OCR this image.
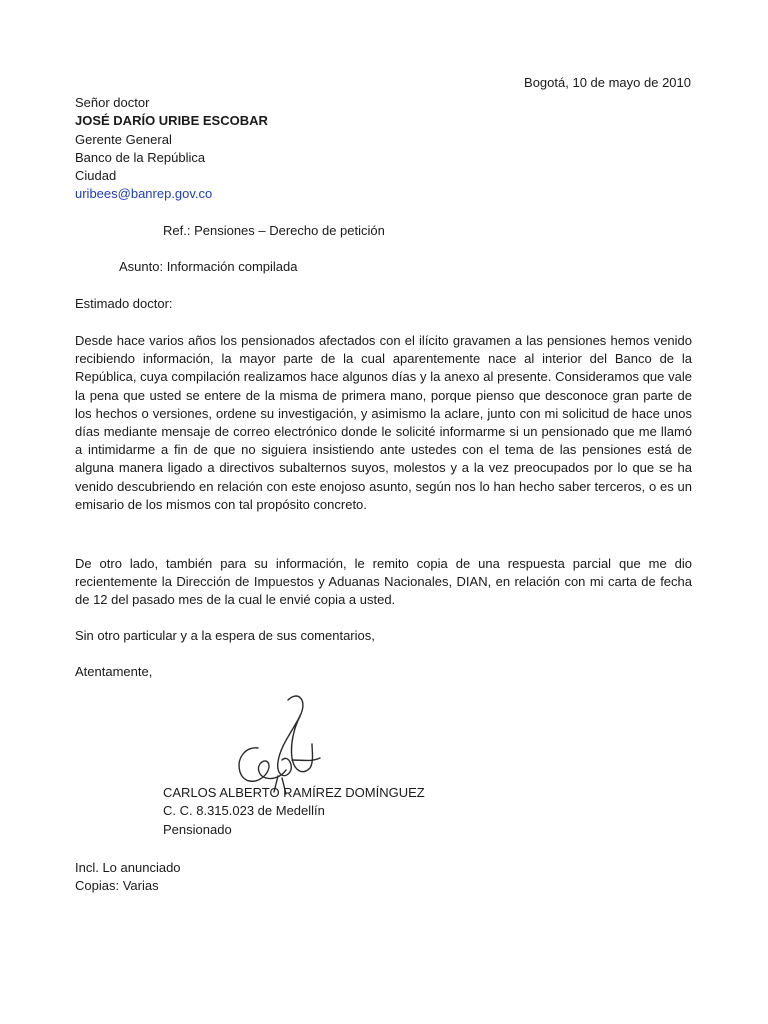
Bogotá, 10 de mayo de 2010
Señor doctor
JOSÉ DARÍO URIBE ESCOBAR
Gerente General
Banco de la República
Ciudad
uribees@banrep.gov.co
Ref.: Pensiones – Derecho de petición
Asunto: Información compilada
Estimado doctor:
Desde hace varios años los pensionados afectados con el ilícito gravamen a las pensiones hemos venido recibiendo información, la mayor parte de la cual aparentemente nace al interior del Banco de la República, cuya compilación realizamos hace algunos días y la anexo al presente. Consideramos que vale la pena que usted se entere de la misma de primera mano, porque pienso que desconoce gran parte de los hechos o versiones, ordene su investigación, y asimismo la aclare, junto con mi solicitud de hace unos días mediante mensaje de correo electrónico donde le solicité informarme si un pensionado que me llamó a intimidarme a fin de que no siguiera insistiendo ante ustedes con el tema de las pensiones está de alguna manera ligado a directivos subalternos suyos, molestos y a la vez preocupados por lo que se ha venido descubriendo en relación con este enojoso asunto, según nos lo han hecho saber terceros, o es un emisario de los mismos con tal propósito concreto.
De otro lado, también para su información, le remito copia de una respuesta parcial que me dio recientemente la Dirección de Impuestos y Aduanas Nacionales, DIAN, en relación con mi carta de fecha de 12 del pasado mes de la cual le envié copia a usted.
Sin otro particular y a la espera de sus comentarios,
Atentamente,
CARLOS ALBERTO RAMÍREZ DOMÍNGUEZ
C. C. 8.315.023 de Medellín
Pensionado
Incl. Lo anunciado
Copias: Varias
